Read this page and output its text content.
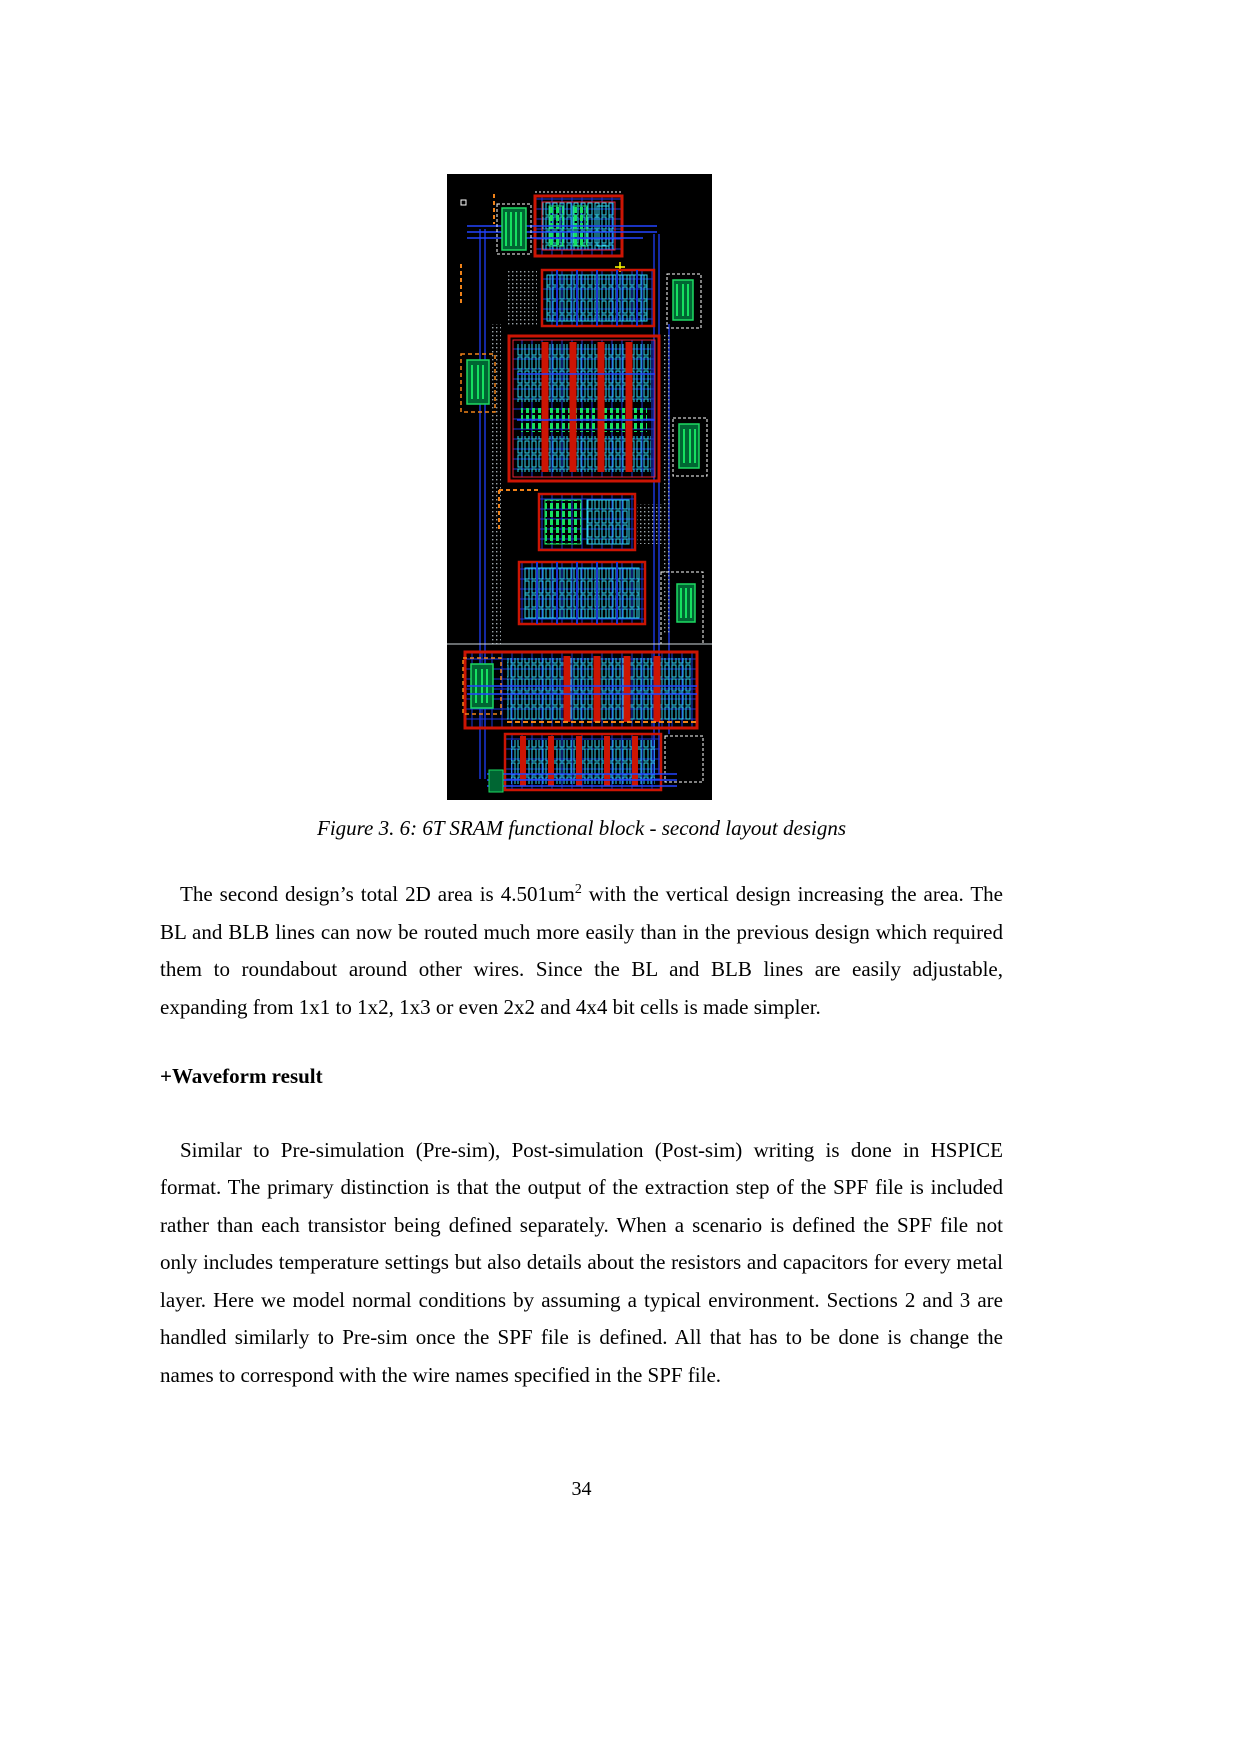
Figure 3. 6: 6T SRAM functional block - second layout designs

The second design’s total 2D area is $4.501um^2$ with the vertical design increasing the area. The BL and BLB lines can now be routed much more easily than in the previous design which required them to roundabout around other wires. Since the BL and BLB lines are easily adjustable, expanding from 1x1 to 1x2, 1x3 or even 2x2 and 4x4 bit cells is made simpler.

+Waveform result

Similar to Pre-simulation (Pre-sim), Post-simulation (Post-sim) writing is done in HSPICE format. The primary distinction is that the output of the extraction step of the SPF file is included rather than each transistor being defined separately. When a scenario is defined the SPF file not only includes temperature settings but also details about the resistors and capacitors for every metal layer. Here we model normal conditions by assuming a typical environment. Sections 2 and 3 are handled similarly to Pre-sim once the SPF file is defined. All that has to be done is change the names to correspond with the wire names specified in the SPF file.

34
